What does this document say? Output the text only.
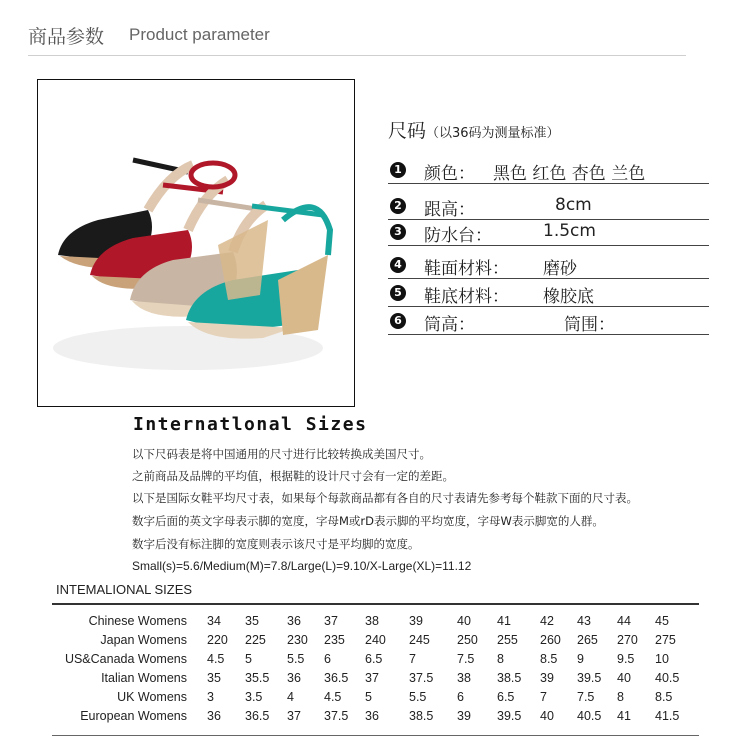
商品参数 Product parameter
尺码（以36码为测量标准）
1 颜色： 黑色 红色 杏色 兰色
2 跟高：	8cm
3 防水台：	1.5cm
4 鞋面材料： 磨砂
5 鞋底材料： 橡胶底
6 筒高：	筒围：
Internatlonal Sizes
以下尺码表是将中国通用的尺寸进行比较转换成美国尺寸。
之前商品及品牌的平均值，根据鞋的设计尺寸会有一定的差距。
以下是国际女鞋平均尺寸表，如果每个每款商品都有各自的尺寸表请先参考每个鞋款下面的尺寸表。
数字后面的英文字母表示脚的宽度，字母M或rD表示脚的平均宽度，字母W表示脚宽的人群。
数字后没有标注脚的宽度则表示该尺寸是平均脚的宽度。
Small(s)=5.6/Medium(M)=7.8/Large(L)=9.10/X-Large(XL)=11.12
INTEMALIONAL SIZES
Chinese Womens 34 35 36 37 38 39	40 41 42 43 44 45
Japan Womens 220 225 230 235 240 245 250 255 260 265 270 275
US&Canada Womens 4.5 5	5.5 6	6.5 7	7.5 8	8.5 9	9.5 10
Italian Womens 35 35.5 36 36.5 37 37.5 38 38.5 39 39.5 40 40.5
UK Womens 3 3.5 4 4.5 5	5.5 6	6.5 7 7.5 8 8.5
European Womens 36 36.5 37 37.5 36 38.5 39 39.5 40 40.5 41 41.5
